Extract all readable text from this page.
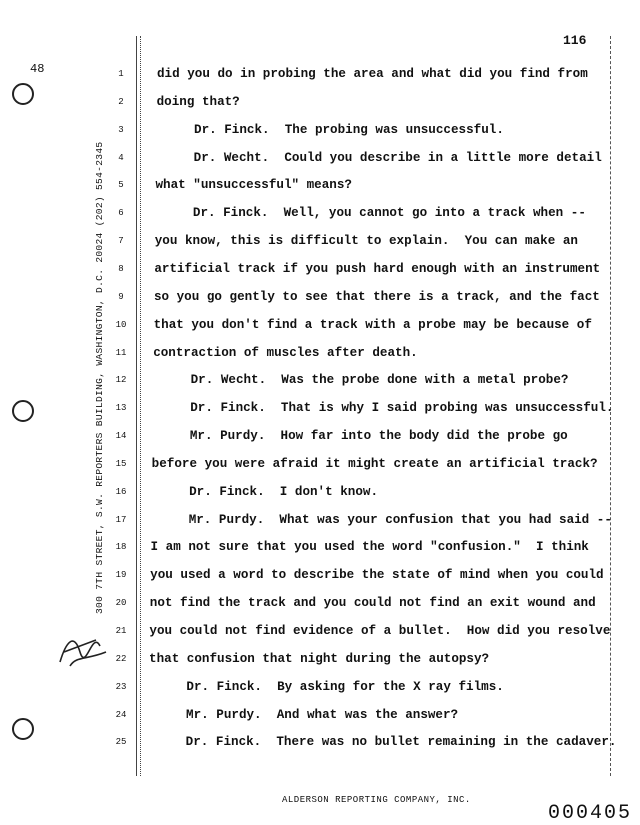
116
48
300 7TH STREET, S.W. REPORTERS BUILDING, WASHINGTON, D.C. 20024 (202) 554-2345
1	did you do in probing the area and what did you find from
2	doing that?
3	Dr. Finck.  The probing was unsuccessful.
4	Dr. Wecht.  Could you describe in a little more detail
5	what "unsuccessful" means?
6	Dr. Finck.  Well, you cannot go into a track when --
7	you know, this is difficult to explain.  You can make an
8	artificial track if you push hard enough with an instrument
9	so you go gently to see that there is a track, and the fact
10 that you don't find a track with a probe may be because of
11 contraction of muscles after death.
12 Dr. Wecht.  Was the probe done with a metal probe?
13 Dr. Finck.  That is why I said probing was unsuccessful.
14 Mr. Purdy.  How far into the body did the probe go
15 before you were afraid it might create an artificial track?
16 Dr. Finck.  I don't know.
17 Mr. Purdy.  What was your confusion that you had said --
18 I am not sure that you used the word "confusion."  I think
19 you used a word to describe the state of mind when you could
20 not find the track and you could not find an exit wound and
21 you could not find evidence of a bullet.  How did you resolve
22 that confusion that night during the autopsy?
23 Dr. Finck.  By asking for the X ray films.
24 Mr. Purdy.  And what was the answer?
25 Dr. Finck.  There was no bullet remaining in the cadaver.
ALDERSON REPORTING COMPANY, INC.
000405
